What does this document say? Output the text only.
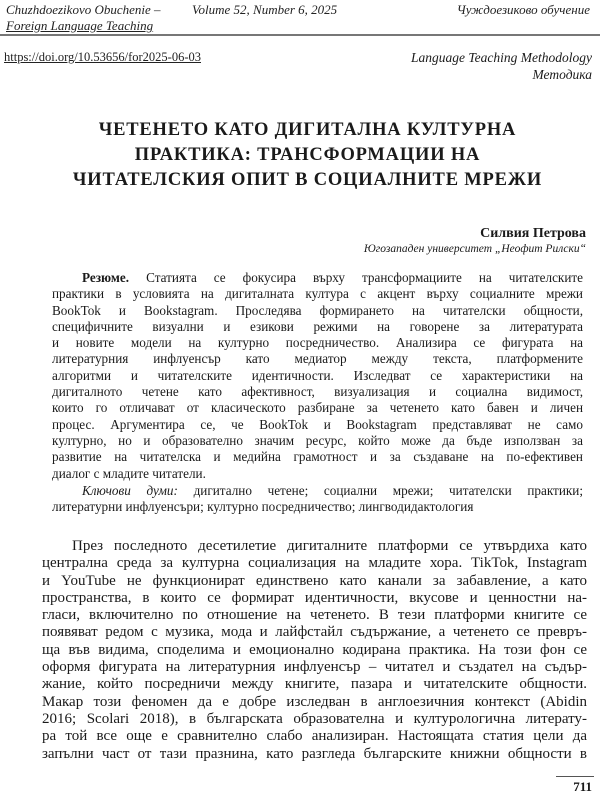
Chuzhdoezikovo Obuchenie –
Foreign Language Teaching
Volume 52, Number 6, 2025	Чуждоезиково обучение
https://doi.org/10.53656/for2025-06-03	Language Teaching Methodology
Методика
ЧЕТЕНЕТО КАТО ДИГИТАЛНА КУЛТУРНА
ПРАКТИКА: ТРАНСФОРМАЦИИ НА
ЧИТАТЕЛСКИЯ ОПИТ В СОЦИАЛНИТЕ МРЕЖИ
Силвия Петрова
Югозападен университет „Неофит Рилски“
Резюме. Статията се фокусира върху трансформациите на читателските
практики в условията на дигиталната култура с акцент върху социалните мрежи
BookTok и Bookstagram. Проследява формирането на читателски общности,
специфичните визуални и езикови режими на говорене за литературата
и новите модели на културно посредничество. Анализира се фигурата на
литературния инфлуенсър като медиатор между текста, платформените
алгоритми и читателските идентичности. Изследват се характеристики на
дигиталното четене като афективност, визуализация и социална видимост,
които го отличават от класическото разбиране за четенето като бавен и личен
процес. Аргументира се, че BookTok и Bookstagram представляват не само
културно, но и образователно значим ресурс, който може да бъде използван за
развитие на читателска и медийна грамотност и за създаване на по-ефективен
диалог с младите читатели.
Ключови думи: дигитално четене; социални мрежи; читателски практики;
литературни инфлуенсъри; културно посредничество; лингводидактология
През последното десетилетие дигиталните платформи се утвърдиха като
централна среда за културна социализация на младите хора. TikTok, Instagram
и YouTube не функционират единствено като канали за забавление, а като
пространства, в които се формират идентичности, вкусове и ценностни на-
гласи, включително по отношение на четенето. В тези платформи книгите се
появяват редом с музика, мода и лайфстайл съдържание, а четенето се превръ-
ща във видима, споделима и емоционално кодирана практика. На този фон се
оформя фигурата на литературния инфлуенсър – читател и създател на съдър-
жание, който посредничи между книгите, пазара и читателските общности.
Макар този феномен да е добре изследван в англоезичния контекст (Abidin
2016; Scolari 2018), в българската образователна и културологична литерату-
ра той все още е сравнително слабо анализиран. Настоящата статия цели да
запълни част от тази празнина, като разгледа българските книжни общности в
711
